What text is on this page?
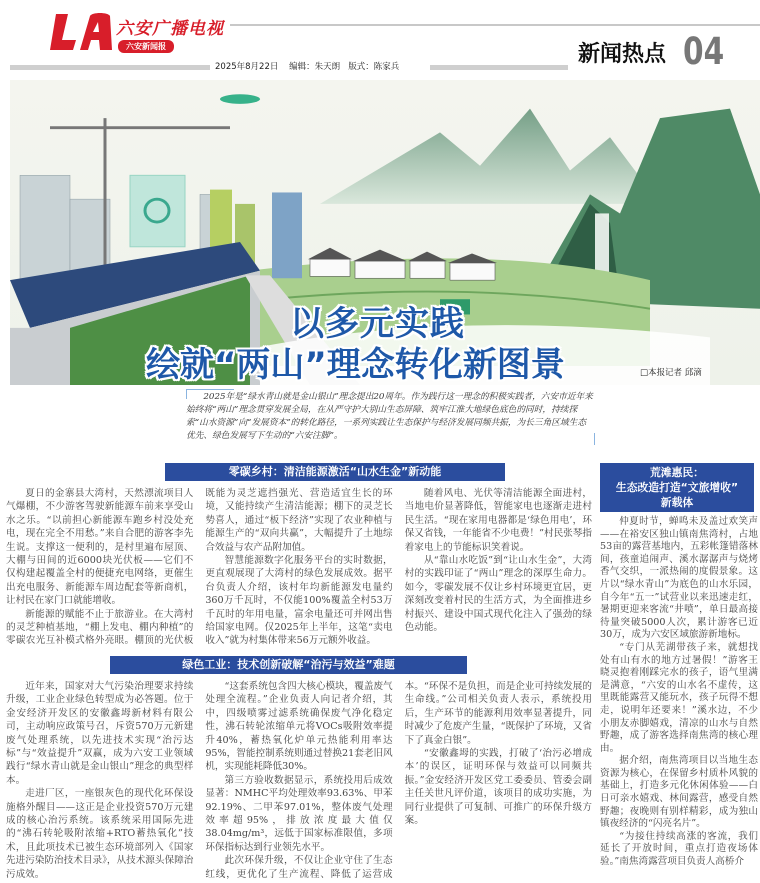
六安广播电视
六安新闻报
2025年8月22日 编辑：朱天朗 版式：陈家兵	新闻热点 04
以多元实践
绘就“两山”理念转化新图景	□本报记者 邱滴
2025年是“绿水青山就是金山银山”理念提出20周年。作为践行这一理念的积极实践者，六安市近年来始终将“两山”理念贯穿发展全局，在从严守护大别山生态屏障、筑牢江淮大地绿色底色的同时，持续探索“山水资源”向“发展资本”的转化路径，一系列实践让生态保护与经济发展同频共振，为长三角区域生态优先、绿色发展写下生动的“六安注脚”。
零碳乡村：清洁能源激活“山水生金”新动能

夏日的金寨县大湾村，天然漂流项目人气爆棚，不少游客驾驶新能源车前来享受山水之乐。“以前担心新能源车跑乡村没处充电，现在完全不用愁。”来自合肥的游客李先生说。支撑这一便利的，是村里遍布屋顶、大棚与田间的近6000块光伏板——它们不仅构建起覆盖全村的便捷充电网络，更催生出充电服务、新能源车周边配套等新商机，让村民在家门口就能增收。

新能源的赋能不止于旅游业。在大湾村的灵芝种植基地，“棚上发电、棚内种植”的零碳农光互补模式格外亮眼。棚顶的光伏板既能为灵芝遮挡强光、营造适宜生长的环境，又能持续产生清洁能源；棚下的灵芝长势喜人，通过“板下经济”实现了农业种植与能源生产的“双向共赢”，大幅提升了土地综合效益与农产品附加值。

智慧能源数字化服务平台的实时数据，更直观展现了大湾村的绿色发展成效。据平台负责人介绍，该村年均新能源发电量约360万千瓦时，不仅能100%覆盖全村53万千瓦时的年用电量，富余电量还可并网出售给国家电网。仅2025年上半年，这笔“卖电收入”就为村集体带来56万元额外收益。

随着风电、光伏等清洁能源全面进村，当地电价显著降低，智能家电也逐渐走进村民生活。“现在家用电器都是‘绿色用电’，环保又省钱，一年能省不少电费！”村民张琴指着家电上的节能标识笑着说。

从“靠山水吃饭”到“让山水生金”，大湾村的实践印证了“两山”理念的深厚生命力。如今，零碳发展不仅让乡村环境更宜居，更深刻改变着村民的生活方式，为全面推进乡村振兴、建设中国式现代化注入了强劲的绿色动能。

绿色工业：技术创新破解“治污与效益”难题

近年来，国家对大气污染治理要求持续升级，工业企业绿色转型成为必答题。位于金安经济开发区的安徽鑫坶新材料有限公司，主动响应政策号召，斥资570万元新建废气处理系统，以先进技术实现“治污达标”与“效益提升”双赢，成为六安工业领域践行“绿水青山就是金山银山”理念的典型样本。

走进厂区，一座银灰色的现代化环保设施格外醒目——这正是企业投资570万元建成的核心治污系统。该系统采用国际先进的“沸石转轮吸附浓缩+RTO蓄热氧化”技术，且此项技术已被生态环境部列入《国家先进污染防治技术目录》，从技术源头保障治污成效。

“这套系统包含四大核心模块，覆盖废气处理全流程。”企业负责人向记者介绍，其中，四级喷雾过滤系统确保废气净化稳定性，沸石转轮浓缩单元将VOCs吸附效率提升40%，蓄热氧化炉单元热能利用率达95%，智能控制系统则通过替换21套老旧风机，实现能耗降低30%。

第三方验收数据显示，系统投用后成效显著：NMHC平均处理效率93.63%、甲苯92.19%、二甲苯97.01%，整体废气处理效率超95%，排放浓度最大值仅38.04mg/m³，远低于国家标准限值，多项环保指标达到行业领先水平。

此次环保升级，不仅让企业守住了生态红线，更优化了生产流程、降低了运营成本。“环保不是负担，而是企业可持续发展的生命线。”公司相关负责人表示，系统投用后，生产环节的能源利用效率显著提升，同时减少了危废产生量，“既保护了环境，又省下了真金白银”。

“安徽鑫坶的实践，打破了‘治污必增成本’的误区，证明环保与效益可以同频共振。”金安经济开发区党工委委员、管委会副主任关世凡评价道，该项目的成功实施，为同行业提供了可复制、可推广的环保升级方案。

荒滩惠民：
生态改造打造“文旅增收”
新载体

仲夏时节，蝉鸣未及盖过欢笑声——在裕安区独山镇南焦湾村，占地53亩的露营基地内，五彩帐篷错落林间，孩童追闹声、溪水潺潺声与烧烤香气交织，一派热闹的度假景象。这片以“绿水青山”为底色的山水乐园，自今年“五一”试营业以来迅速走红，暑期更迎来客流“井喷”，单日最高接待量突破5000人次，累计游客已近30万，成为六安区域旅游新地标。

“专门从芜湖带孩子来，就想找处有山有水的地方过暑假！”游客王晓灵抱着刚踩完水的孩子，语气里满是满意，“六安的山水名不虚传，这里既能露营又能玩水，孩子玩得不想走，说明年还要来！”溪水边，不少小朋友赤脚嬉戏，清凉的山水与自然野趣，成了游客选择南焦湾的核心理由。

据介绍，南焦湾项目以当地生态资源为核心，在保留乡村质朴风貌的基础上，打造多元化休闲体验——白日可亲水嬉戏、林间露营，感受自然野趣；夜晚则有别样精彩，成为独山镇夜经济的“闪亮名片”。

“为接住持续高涨的客流，我们延长了开放时间，重点打造夜场体验。”南焦湾露营项目负责人高桥介
